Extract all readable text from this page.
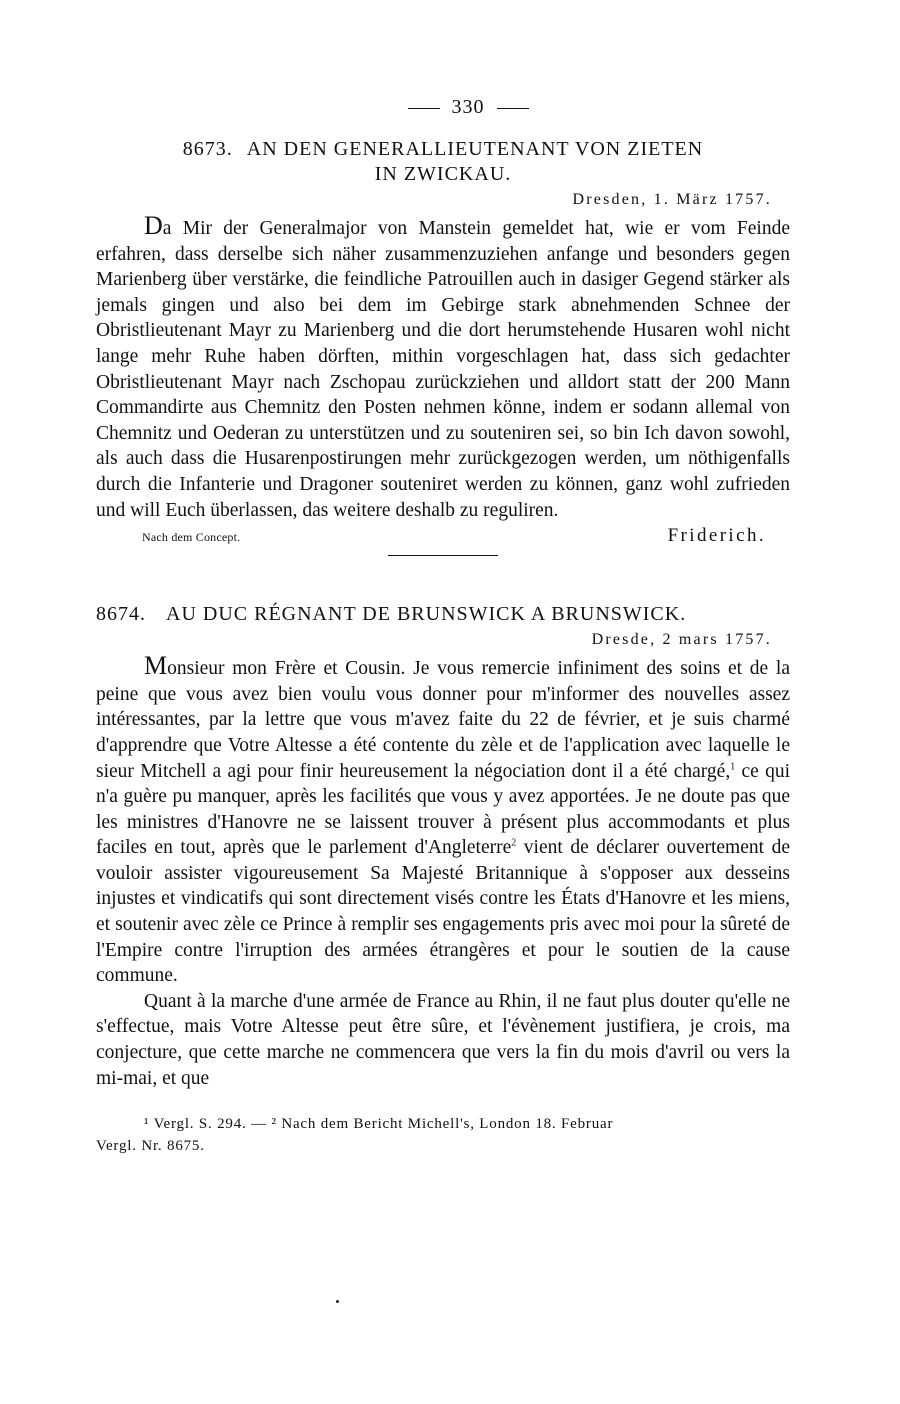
330
8673. AN DEN GENERALLIEUTENANT VON ZIETEN
IN ZWICKAU.
Dresden, 1. März 1757.

Da Mir der Generalmajor von Manstein gemeldet hat, wie er vom Feinde erfahren, dass derselbe sich näher zusammenzuziehen anfange und besonders gegen Marienberg über verstärke, die feindliche Patrouillen auch in dasiger Gegend stärker als jemals gingen und also bei dem im Gebirge stark abnehmenden Schnee der Obristlieutenant Mayr zu Marienberg und die dort herumstehende Husaren wohl nicht lange mehr Ruhe haben dörften, mithin vorgeschlagen hat, dass sich gedachter Obristlieutenant Mayr nach Zschopau zurückziehen und alldort statt der 200 Mann Commandirte aus Chemnitz den Posten nehmen könne, indem er sodann allemal von Chemnitz und Oederan zu unterstützen und zu souteniren sei, so bin Ich davon sowohl, als auch dass die Husarenpostirungen mehr zurückgezogen werden, um nöthigenfalls durch die Infanterie und Dragoner souteniret werden zu können, ganz wohl zufrieden und will Euch überlassen, das weitere deshalb zu reguliren.

Nach dem Concept.	Friderich.
8674. AU DUC RÉGNANT DE BRUNSWICK A BRUNSWICK.
Dresde, 2 mars 1757.

Monsieur mon Frère et Cousin. Je vous remercie infiniment des soins et de la peine que vous avez bien voulu vous donner pour m'informer des nouvelles assez intéressantes, par la lettre que vous m'avez faite du 22 de février, et je suis charmé d'apprendre que Votre Altesse a été contente du zèle et de l'application avec laquelle le sieur Mitchell a agi pour finir heureusement la négociation dont il a été chargé,$^1$ ce qui n'a guère pu manquer, après les facilités que vous y avez apportées. Je ne doute pas que les ministres d'Hanovre ne se laissent trouver à présent plus accommodants et plus faciles en tout, après que le parlement d'Angleterre$^2$ vient de déclarer ouvertement de vouloir assister vigoureusement Sa Majesté Britannique à s'opposer aux desseins injustes et vindicatifs qui sont directement visés contre les États d'Hanovre et les miens, et soutenir avec zèle ce Prince à remplir ses engagements pris avec moi pour la sûreté de l'Empire contre l'irruption des armées étrangères et pour le soutien de la cause commune.

Quant à la marche d'une armée de France au Rhin, il ne faut plus douter qu'elle ne s'effectue, mais Votre Altesse peut être sûre, et l'évènement justifiera, je crois, ma conjecture, que cette marche ne commencera que vers la fin du mois d'avril ou vers la mi-mai, et que

¹ Vergl. S. 294. — ² Nach dem Bericht Michell's, London 18. Februar
Vergl. Nr. 8675.
